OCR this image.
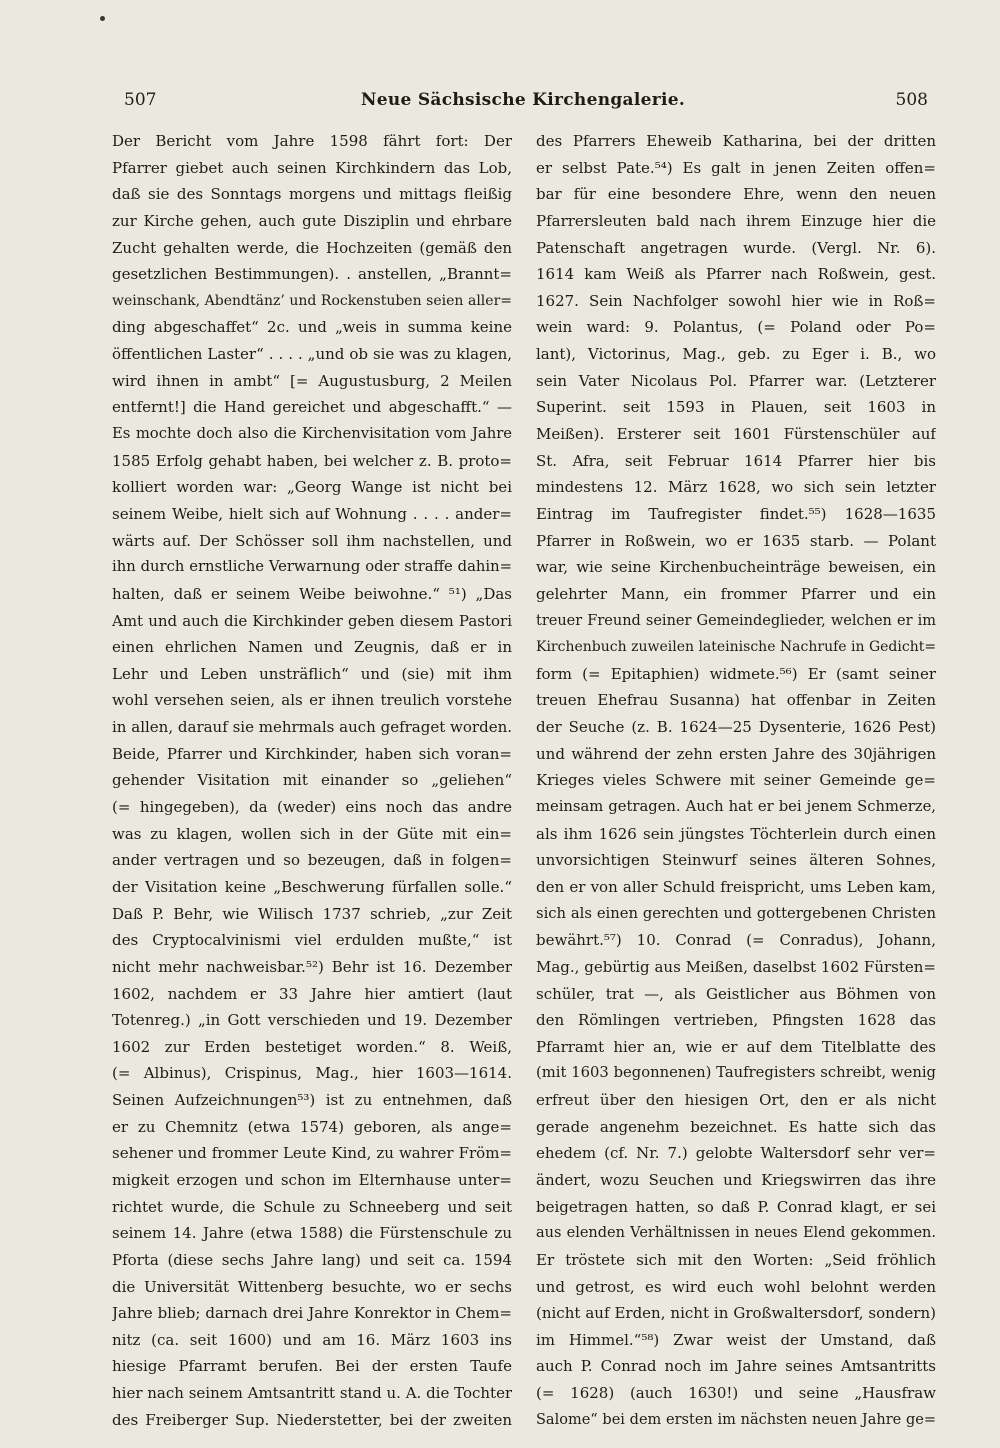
507	Neue Sächsische Kirchengalerie.	508
Der Bericht vom Jahre 1598 fährt fort: Der
Pfarrer giebet auch seinen Kirchkindern das Lob,
daß sie des Sonntags morgens und mittags fleißig
zur Kirche gehen, auch gute Disziplin und ehrbare
Zucht gehalten werde, die Hochzeiten (gemäß den
gesetzlichen Bestimmungen). . anstellen, „Brannt=
weinschank, Abendtänz’ und Rockenstuben seien aller=
ding abgeschaffet“ 2c. und „weis in summa keine
öffentlichen Laster“ . . . . „und ob sie was zu klagen,
wird ihnen in ambt“ [= Augustusburg, 2 Meilen
entfernt!] die Hand gereichet und abgeschafft.“ —
Es mochte doch also die Kirchenvisitation vom Jahre
1585 Erfolg gehabt haben, bei welcher z. B. proto=
kolliert worden war: „Georg Wange ist nicht bei
seinem Weibe, hielt sich auf Wohnung . . . . ander=
wärts auf. Der Schösser soll ihm nachstellen, und
ihn durch ernstliche Verwarnung oder straffe dahin=
halten, daß er seinem Weibe beiwohne.“ ⁵¹) „Das
Amt und auch die Kirchkinder geben diesem Pastori
einen ehrlichen Namen und Zeugnis, daß er in
Lehr und Leben unsträflich“ und (sie) mit ihm
wohl versehen seien, als er ihnen treulich vorstehe
in allen, darauf sie mehrmals auch gefraget worden.
Beide, Pfarrer und Kirchkinder, haben sich voran=
gehender Visitation mit einander so „geliehen“
(= hingegeben), da (weder) eins noch das andre
was zu klagen, wollen sich in der Güte mit ein=
ander vertragen und so bezeugen, daß in folgen=
der Visitation keine „Beschwerung fürfallen solle.“
Daß P. Behr, wie Wilisch 1737 schrieb, „zur Zeit
des Cryptocalvinismi viel erdulden mußte,“ ist
nicht mehr nachweisbar.⁵²) Behr ist 16. Dezember
1602, nachdem er 33 Jahre hier amtiert (laut
Totenreg.) „in Gott verschieden und 19. Dezember
1602 zur Erden bestetiget worden.“ 8. Weiß,
(= Albinus), Crispinus, Mag., hier 1603—1614.
Seinen Aufzeichnungen⁵³) ist zu entnehmen, daß
er zu Chemnitz (etwa 1574) geboren, als ange=
sehener und frommer Leute Kind, zu wahrer Fröm=
migkeit erzogen und schon im Elternhause unter=
richtet wurde, die Schule zu Schneeberg und seit
seinem 14. Jahre (etwa 1588) die Fürstenschule zu
Pforta (diese sechs Jahre lang) und seit ca. 1594
die Universität Wittenberg besuchte, wo er sechs
Jahre blieb; darnach drei Jahre Konrektor in Chem=
nitz (ca. seit 1600) und am 16. März 1603 ins
hiesige Pfarramt berufen. Bei der ersten Taufe
hier nach seinem Amtsantritt stand u. A. die Tochter
des Freiberger Sup. Niederstetter, bei der zweiten
des Pfarrers Eheweib Katharina, bei der dritten
er selbst Pate.⁵⁴) Es galt in jenen Zeiten offen=
bar für eine besondere Ehre, wenn den neuen
Pfarrersleuten bald nach ihrem Einzuge hier die
Patenschaft angetragen wurde. (Vergl. Nr. 6).
1614 kam Weiß als Pfarrer nach Roßwein, gest.
1627. Sein Nachfolger sowohl hier wie in Roß=
wein ward: 9. Polantus, (= Poland oder Po=
lant), Victorinus, Mag., geb. zu Eger i. B., wo
sein Vater Nicolaus Pol. Pfarrer war. (Letzterer
Superint. seit 1593 in Plauen, seit 1603 in
Meißen). Ersterer seit 1601 Fürstenschüler auf
St. Afra, seit Februar 1614 Pfarrer hier bis
mindestens 12. März 1628, wo sich sein letzter
Eintrag im Taufregister findet.⁵⁵) 1628—1635
Pfarrer in Roßwein, wo er 1635 starb. — Polant
war, wie seine Kirchenbucheinträge beweisen, ein
gelehrter Mann, ein frommer Pfarrer und ein
treuer Freund seiner Gemeindeglieder, welchen er im
Kirchenbuch zuweilen lateinische Nachrufe in Gedicht=
form (= Epitaphien) widmete.⁵⁶) Er (samt seiner
treuen Ehefrau Susanna) hat offenbar in Zeiten
der Seuche (z. B. 1624—25 Dysenterie, 1626 Pest)
und während der zehn ersten Jahre des 30jährigen
Krieges vieles Schwere mit seiner Gemeinde ge=
meinsam getragen. Auch hat er bei jenem Schmerze,
als ihm 1626 sein jüngstes Töchterlein durch einen
unvorsichtigen Steinwurf seines älteren Sohnes,
den er von aller Schuld freispricht, ums Leben kam,
sich als einen gerechten und gottergebenen Christen
bewährt.⁵⁷) 10. Conrad (= Conradus), Johann,
Mag., gebürtig aus Meißen, daselbst 1602 Fürsten=
schüler, trat —, als Geistlicher aus Böhmen von
den Römlingen vertrieben, Pfingsten 1628 das
Pfarramt hier an, wie er auf dem Titelblatte des
(mit 1603 begonnenen) Taufregisters schreibt, wenig
erfreut über den hiesigen Ort, den er als nicht
gerade angenehm bezeichnet. Es hatte sich das
ehedem (cf. Nr. 7.) gelobte Waltersdorf sehr ver=
ändert, wozu Seuchen und Kriegswirren das ihre
beigetragen hatten, so daß P. Conrad klagt, er sei
aus elenden Verhältnissen in neues Elend gekommen.
Er tröstete sich mit den Worten: „Seid fröhlich
und getrost, es wird euch wohl belohnt werden
(nicht auf Erden, nicht in Großwaltersdorf, sondern)
im Himmel.“⁵⁸) Zwar weist der Umstand, daß
auch P. Conrad noch im Jahre seines Amtsantritts
(= 1628) (auch 1630!) und seine „Hausfraw
Salome“ bei dem ersten im nächsten neuen Jahre ge=
